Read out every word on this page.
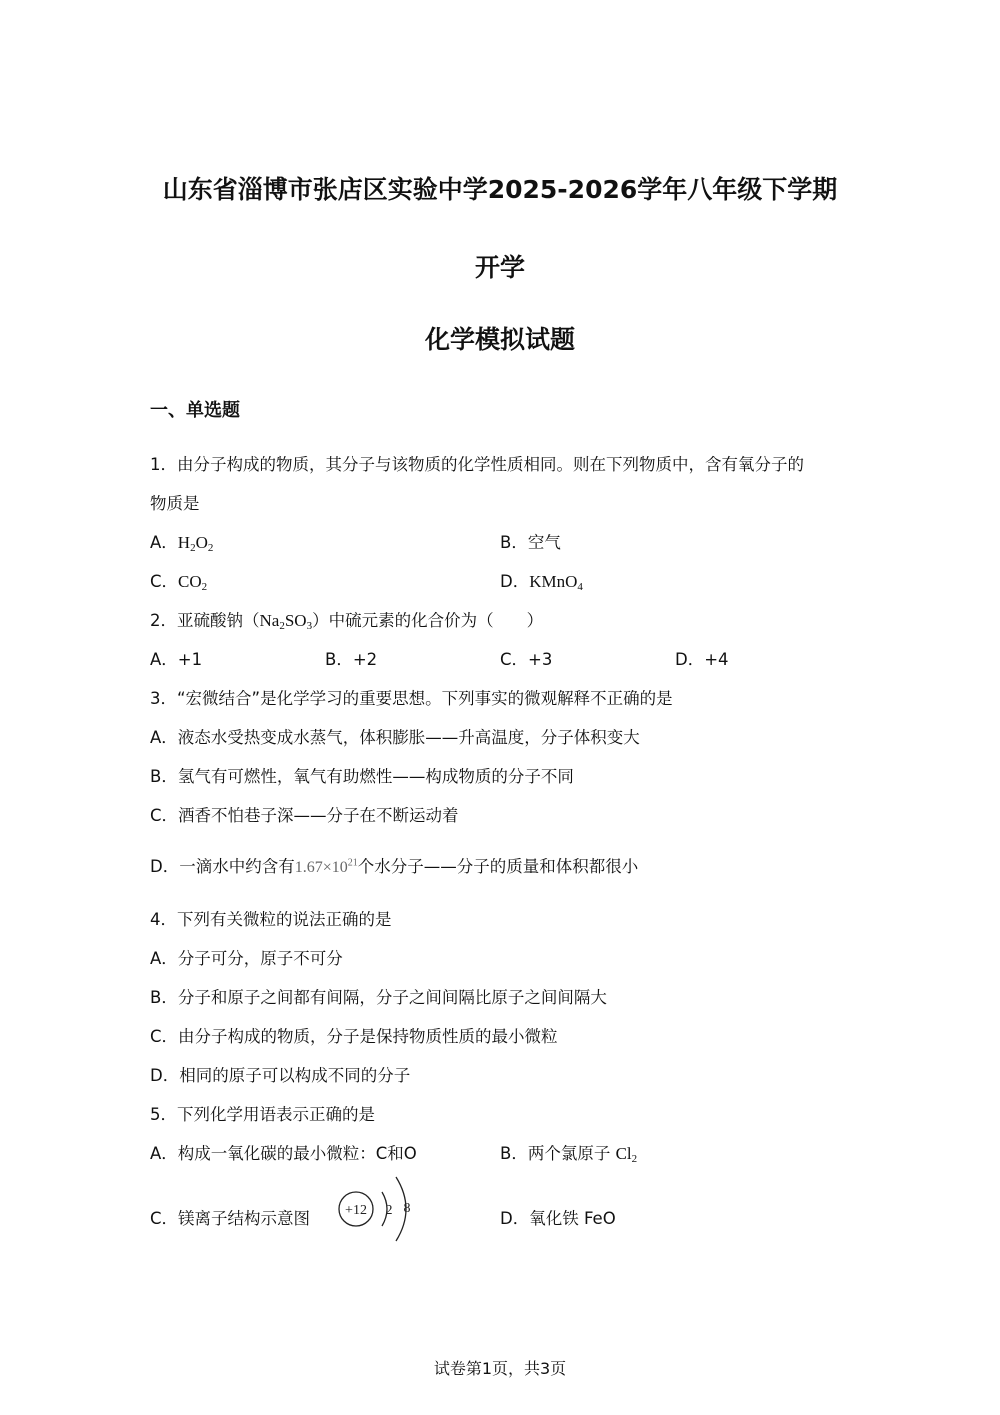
山东省淄博市张店区实验中学2025-2026学年八年级下学期
开学
化学模拟试题
一、单选题
1．由分子构成的物质，其分子与该物质的化学性质相同。则在下列物质中，含有氧分子的
物质是
A．$H_2O_2$	B．空气
C．$CO_2$	D．KMnO$_4$
2．亚硫酸钠$(Na_2SO_3)$中硫元素的化合价为（　　）
A．+1	B．+2	C．+3	D．+4
3．“宏微结合”是化学学习的重要思想。下列事实的微观解释不正确的是
A．液态水受热变成水蒸气，体积膨胀——升高温度，分子体积变大
B．氢气有可燃性，氧气有助燃性——构成物质的分子不同
C．酒香不怕巷子深——分子在不断运动着
D．一滴水中约含有$1.67\times 10^{21}$个水分子——分子的质量和体积都很小
4．下列有关微粒的说法正确的是
A．分子可分，原子不可分
B．分子和原子之间都有间隔，分子之间间隔比原子之间间隔大
C．由分子构成的物质，分子是保持物质性质的最小微粒
D．相同的原子可以构成不同的分子
5．下列化学用语表示正确的是
A．构成一氧化碳的最小微粒：C和O	B．两个氯原子 $Cl_2$
C．镁离子结构示意图	+12 2 8
D．氧化铁 FeO
试卷第1页，共3页
